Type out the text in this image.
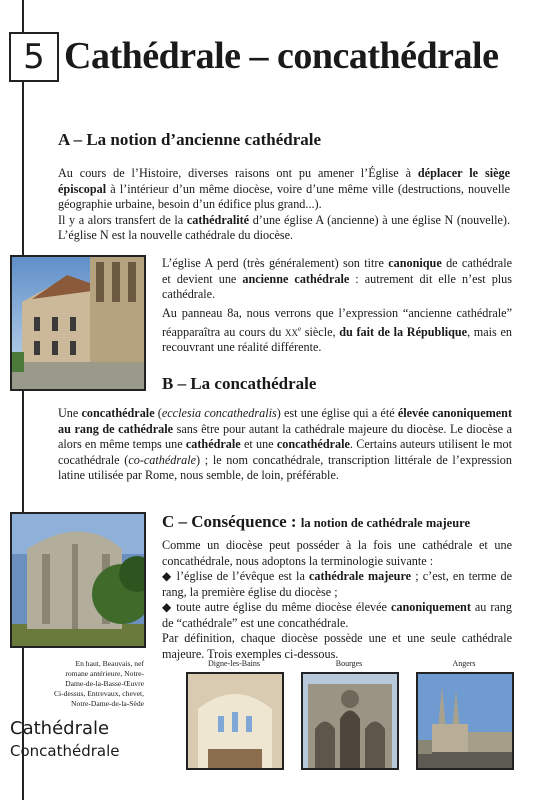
5 Cathédrale – concathédrale
A – La notion d’ancienne cathédrale

Au cours de l’Histoire, diverses raisons ont pu amener l’Église à déplacer le siège épiscopal à l’intérieur d’un même diocèse, voire d’une même ville (destructions, nouvelle géographie urbaine, besoin d’un édifice plus grand...).
Il y a alors transfert de la cathédralité d’une église A (ancienne) à une église N (nouvelle). L’église N est la nouvelle cathédrale du diocèse.

L’église A perd (très généralement) son titre canonique de cathédrale et devient une ancienne cathédrale : autrement dit elle n’est plus cathédrale.

Au panneau 8a, nous verrons que l’expression “ancienne cathédrale” réapparaîtra au cours du $xx^e$ siècle, du fait de la République, mais en recouvrant une réalité différente.

B – La concathédrale

Une concathédrale (ecclesia concathedralis) est une église qui a été élevée canoniquement au rang de cathédrale sans être pour autant la cathédrale majeure du diocèse. Le diocèse a alors en même temps une cathédrale et une concathédrale. Certains auteurs utilisent le mot cocathédrale (co-cathédrale) ; le nom concathédrale, transcription littérale de l’expression latine utilisée par Rome, nous semble, de loin, préférable.

En haut, Beauvais, nef
romane antérieure, Notre-
Dame-de-la-Basse-Œuvre
Ci-dessus, Entrevaux, chevet,
Notre-Dame-de-la-Sède
C – Conséquence : la notion de cathédrale majeure
Comme un diocèse peut posséder à la fois une cathédrale et une concathédrale, nous adoptons la terminologie suivante :
◆ l’église de l’évêque est la cathédrale majeure ; c’est, en terme de rang, la première église du diocèse ;
◆ toute autre église du même diocèse élevée canoniquement au rang de “cathédrale” est une concathédrale.
Par définition, chaque diocèse possède une et une seule cathédrale majeure. Trois exemples ci-dessous.
Digne-les-Bains	Bourges	Angers
Cathédrale
Concathédrale
